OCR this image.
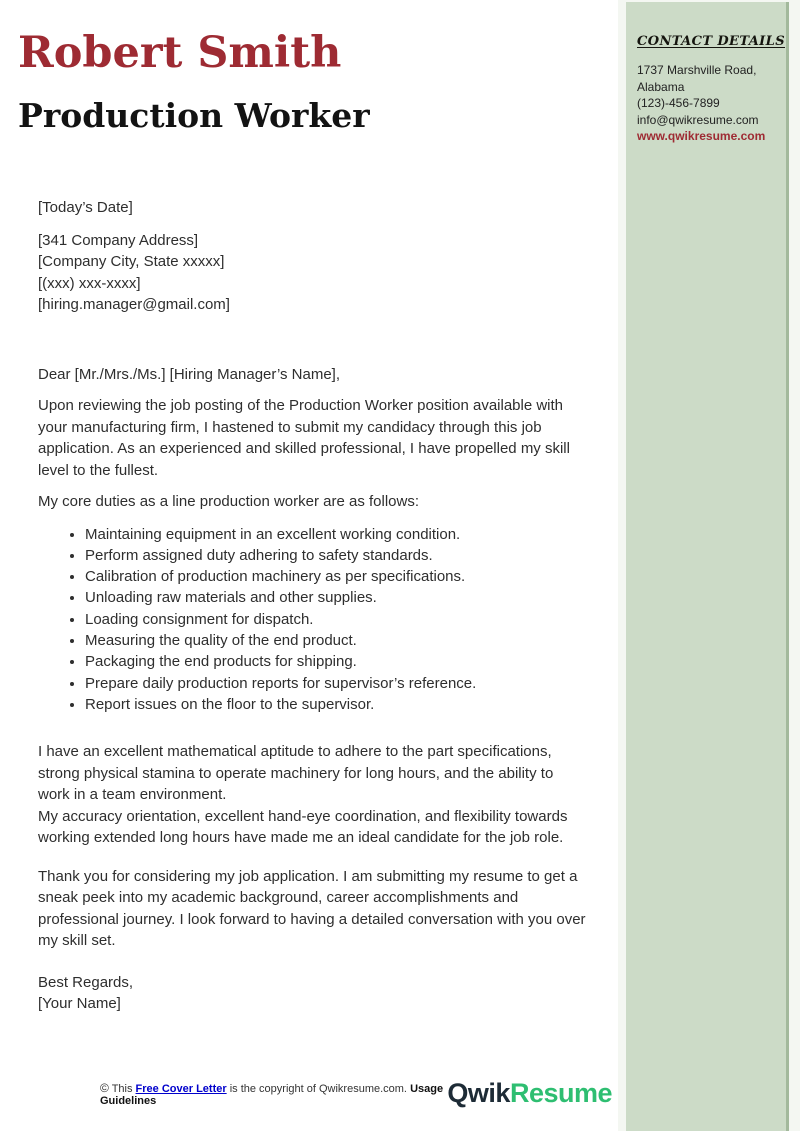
CONTACT DETAILS
1737 Marshville Road,
Alabama
(123)-456-7899
info@qwikresume.com
www.qwikresume.com
Robert Smith
Production Worker
[Today’s Date]
[341 Company Address]
[Company City, State xxxxx]
[(xxx) xxx-xxxx]
[hiring.manager@gmail.com]
Dear [Mr./Mrs./Ms.] [Hiring Manager’s Name],

Upon reviewing the job posting of the Production Worker position available with your manufacturing firm, I hastened to submit my candidacy through this job application. As an experienced and skilled professional, I have propelled my skill level to the fullest.

My core duties as a line production worker are as follows:

• Maintaining equipment in an excellent working condition.
• Perform assigned duty adhering to safety standards.
• Calibration of production machinery as per specifications.
• Unloading raw materials and other supplies.
• Loading consignment for dispatch.
• Measuring the quality of the end product.
• Packaging the end products for shipping.
• Prepare daily production reports for supervisor’s reference.
• Report issues on the floor to the supervisor.

I have an excellent mathematical aptitude to adhere to the part specifications, strong physical stamina to operate machinery for long hours, and the ability to work in a team environment.
My accuracy orientation, excellent hand-eye coordination, and flexibility towards working extended long hours have made me an ideal candidate for the job role.

Thank you for considering my job application. I am submitting my resume to get a sneak peek into my academic background, career accomplishments and professional journey. I look forward to having a detailed conversation with you over my skill set.

Best Regards,
[Your Name]
© This Free Cover Letter is the copyright of Qwikresume.com. Usage Guidelines	QwikResume
